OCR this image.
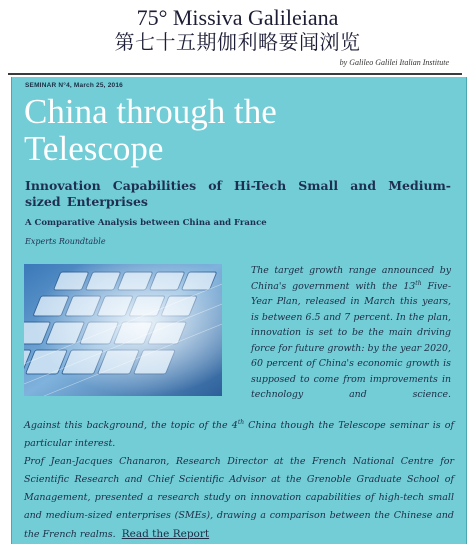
75° Missiva Galileiana
第七十五期伽利略要闻浏览
by Galileo Galilei Italian Institute
SEMINAR N°4, March 25, 2016
China through the
Telescope
Innovation Capabilities of Hi-Tech Small and Medium-sized Enterprises
A Comparative Analysis between China and France
Experts Roundtable
The target growth range announced by China's government with the 13th Five-Year Plan, released in March this years, is between 6.5 and 7 percent. In the plan, innovation is set to be the main driving force for future growth: by the year 2020, 60 percent of China's economic growth is supposed to come from improvements in technology and science.

Against this background, the topic of the 4th China though the Telescope seminar is of particular interest.

Prof Jean-Jacques Chanaron, Research Director at the French National Centre for Scientific Research and Chief Scientific Advisor at the Grenoble Graduate School of Management, presented a research study on innovation capabilities of high-tech small and medium-sized enterprises (SMEs), drawing a comparison between the Chinese and the French realms. Read the Report
